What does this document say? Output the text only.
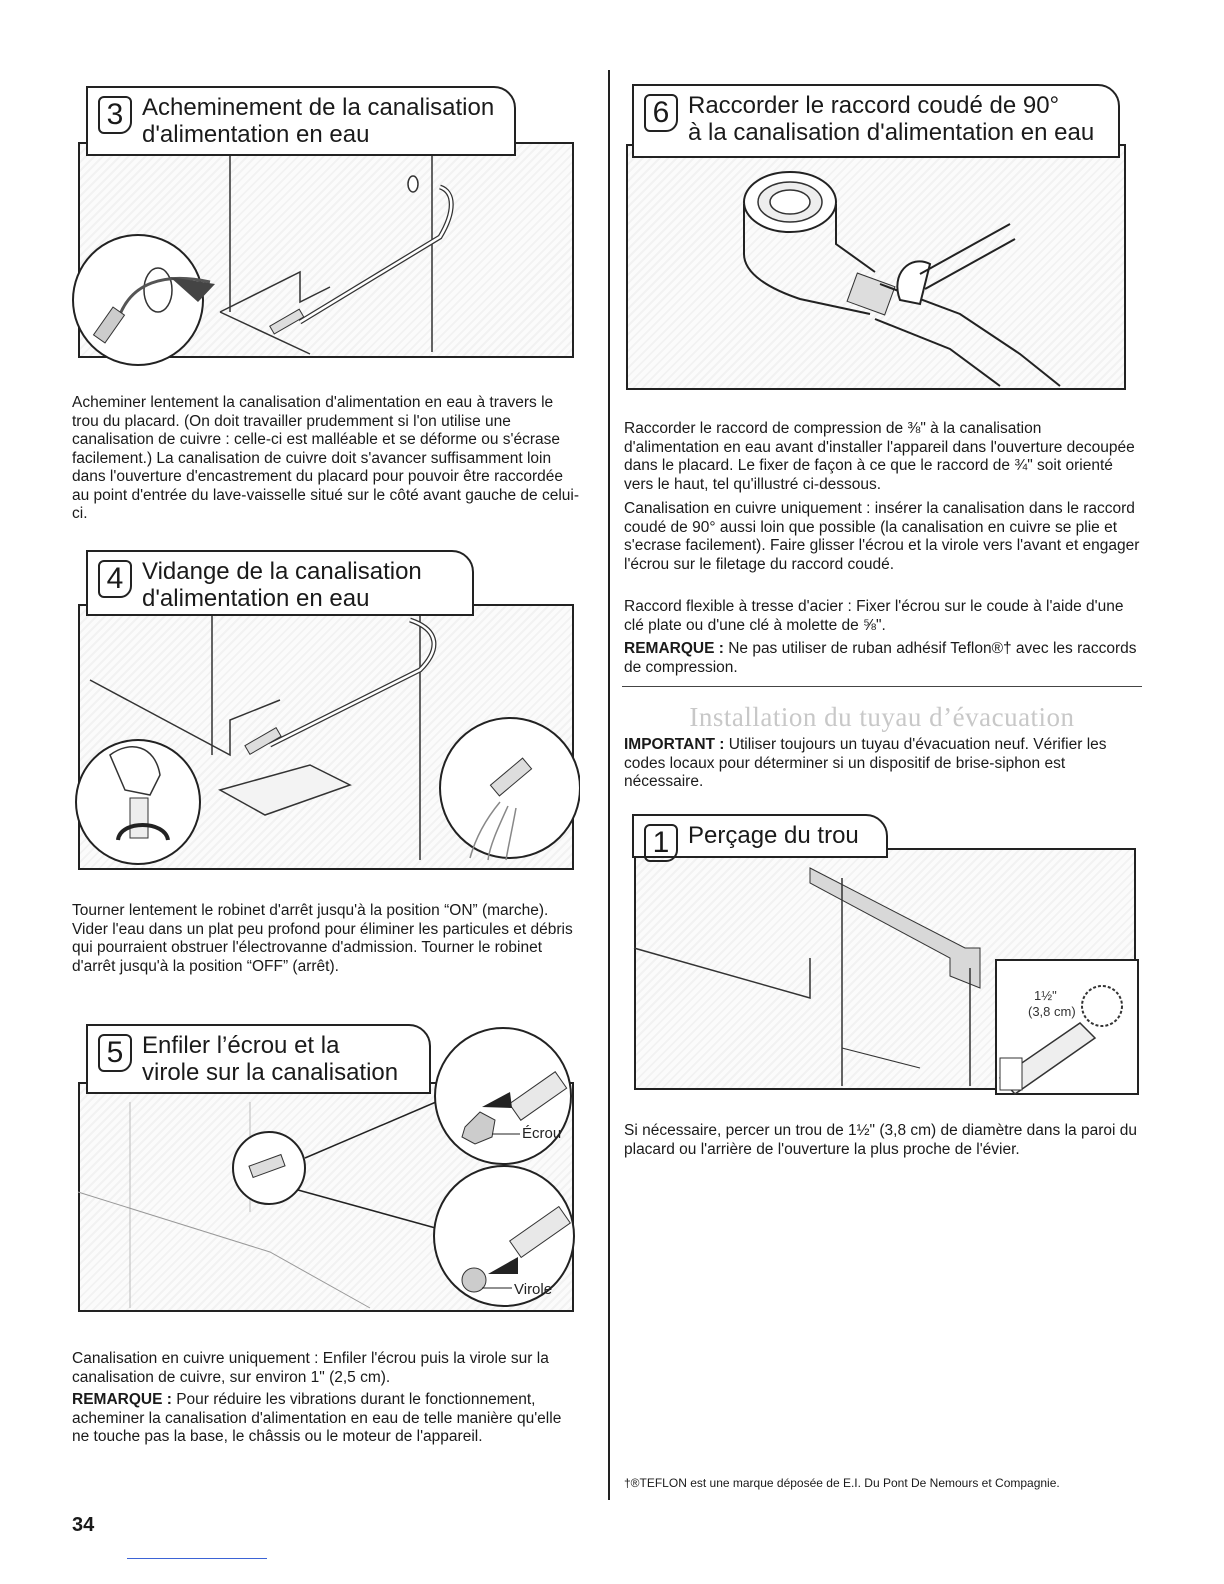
3 Acheminement de la canalisation
d'alimentation en eau

Acheminer lentement la canalisation d'alimentation en eau à travers le trou du placard. (On doit travailler prudemment si l'on utilise une canalisation de cuivre : celle-ci est malléable et se déforme ou s'écrase facilement.) La canalisation de cuivre doit s'avancer suffisamment loin dans l'ouverture d'encastrement du placard pour pouvoir être raccordée au point d'entrée du lave-vaisselle situé sur le côté avant gauche de celui-ci.

4 Vidange de la canalisation
d'alimentation en eau

Tourner lentement le robinet d'arrêt jusqu'à la position “ON” (marche). Vider l'eau dans un plat peu profond pour éliminer les particules et débris qui pourraient obstruer l'électrovanne d'admission. Tourner le robinet d'arrêt jusqu'à la position “OFF” (arrêt).

Écrou
Virole
5 Enfiler l’écrou et la
virole sur la canalisation

Canalisation en cuivre uniquement : Enfiler l'écrou puis la virole sur la canalisation de cuivre, sur environ 1" (2,5 cm).

REMARQUE : Pour réduire les vibrations durant le fonctionnement, acheminer la canalisation d'alimentation en eau de telle manière qu'elle ne touche pas la base, le châssis ou le moteur de l'appareil.

6 Raccorder le raccord coudé de 90°
à la canalisation d'alimentation en eau

Raccorder le raccord de compression de ⅜" à la canalisation d'alimentation en eau avant d'installer l'appareil dans l'ouverture decoupée dans le placard. Le fixer de façon à ce que le raccord de ¾" soit orienté vers le haut, tel qu'illustré ci-dessous.

Canalisation en cuivre uniquement : insérer la canalisation dans le raccord coudé de 90° aussi loin que possible (la canalisation en cuivre se plie et s'ecrase facilement). Faire glisser l'écrou et la virole vers l'avant et engager l'écrou sur le filetage du raccord coudé.

Raccord flexible à tresse d'acier : Fixer l'écrou sur le coude à l'aide d'une clé plate ou d'une clé à molette de ⅝".

REMARQUE : Ne pas utiliser de ruban adhésif Teflon®† avec les raccords de compression.

Installation du tuyau d’évacuation

IMPORTANT : Utiliser toujours un tuyau d'évacuation neuf. Vérifier les codes locaux pour déterminer si un dispositif de brise-siphon est nécessaire.

1½"
(3,8 cm)
1 Perçage du trou

Si nécessaire, percer un trou de 1½" (3,8 cm) de diamètre dans la paroi du placard ou l'arrière de l'ouverture la plus proche de l'évier.

†®TEFLON est une marque déposée de E.I. Du Pont De Nemours et Compagnie.
34
